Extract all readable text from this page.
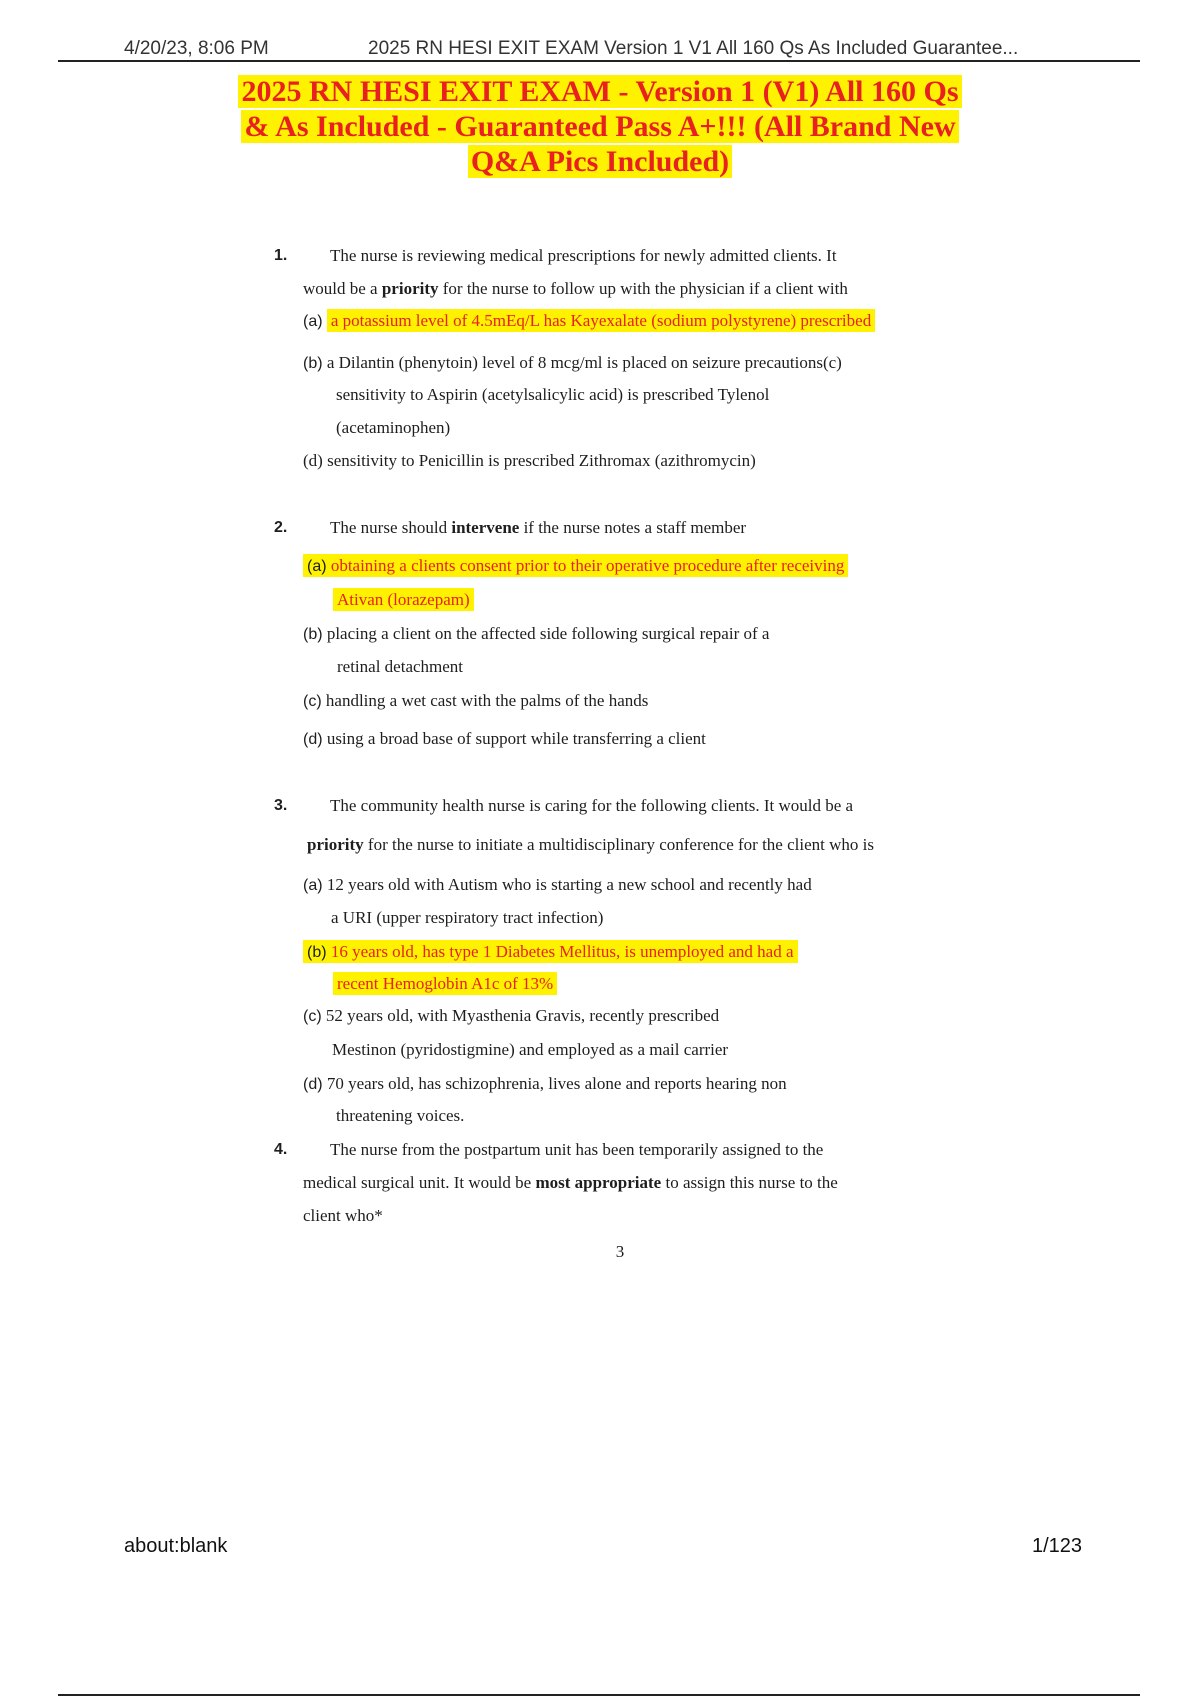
4/20/23, 8:06 PM	2025 RN HESI EXIT EXAM Version 1 V1 All 160 Qs As Included Guarantee...
2025 RN HESI EXIT EXAM - Version 1 (V1) All 160 Qs
& As Included - Guaranteed Pass A+!!! (All Brand New
Q&A Pics Included)
1.	The nurse is reviewing medical prescriptions for newly admitted clients. It
would be a priority for the nurse to follow up with the physician if a client with
(a) a potassium level of 4.5mEq/L has Kayexalate (sodium polystyrene) prescribed
(b) a Dilantin (phenytoin) level of 8 mcg/ml is placed on seizure precautions(c)
sensitivity to Aspirin (acetylsalicylic acid) is prescribed Tylenol
(acetaminophen)
(d) sensitivity to Penicillin is prescribed Zithromax (azithromycin)
2.	The nurse should intervene if the nurse notes a staff member
(a) obtaining a clients consent prior to their operative procedure after receiving
Ativan (lorazepam)
(b) placing a client on the affected side following surgical repair of a
retinal detachment
(c) handling a wet cast with the palms of the hands
(d) using a broad base of support while transferring a client
3.	The community health nurse is caring for the following clients. It would be a
priority for the nurse to initiate a multidisciplinary conference for the client who is
(a) 12 years old with Autism who is starting a new school and recently had
a URI (upper respiratory tract infection)
(b) 16 years old, has type 1 Diabetes Mellitus, is unemployed and had a
recent Hemoglobin A1c of 13%
(c) 52 years old, with Myasthenia Gravis, recently prescribed
Mestinon (pyridostigmine) and employed as a mail carrier
(d) 70 years old, has schizophrenia, lives alone and reports hearing non
threatening voices.
4.	The nurse from the postpartum unit has been temporarily assigned to the
medical surgical unit. It would be most appropriate to assign this nurse to the
client who*
3
about:blank	1/123
